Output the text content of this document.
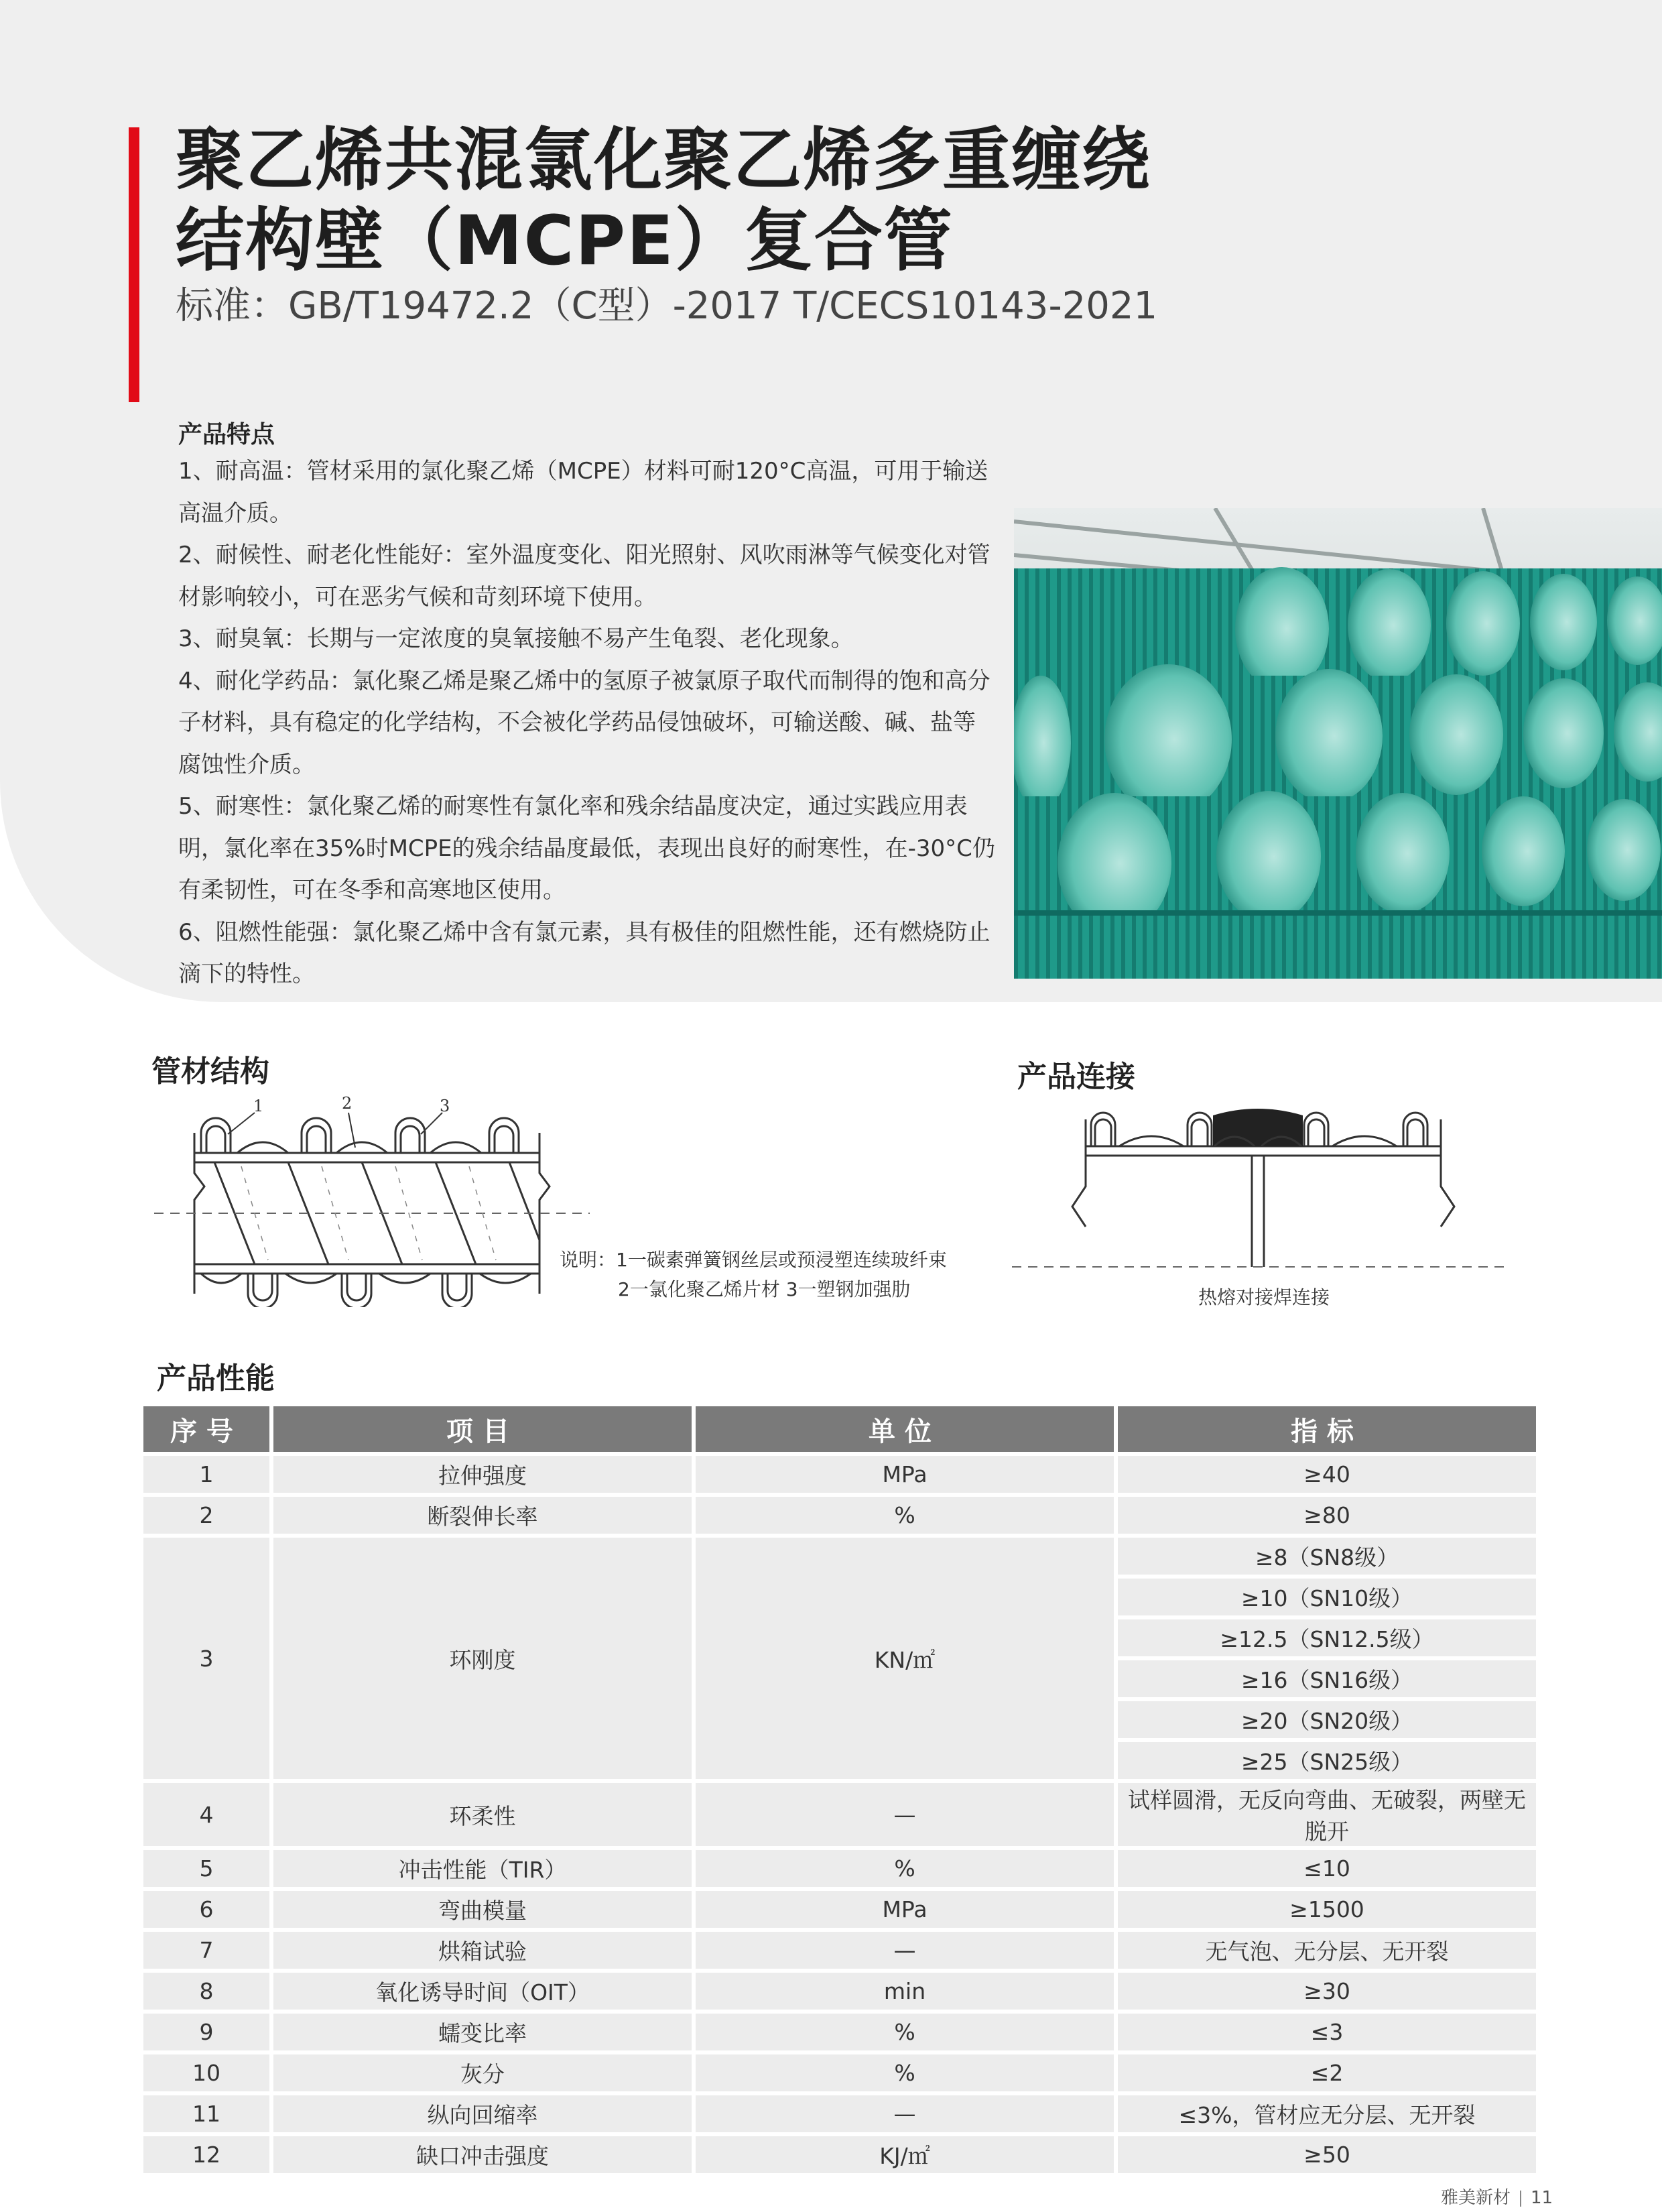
聚乙烯共混氯化聚乙烯多重缠绕
结构壁（MCPE）复合管
标准：GB/T19472.2（C型）-2017 T/CECS10143-2021
产品特点

1、耐高温：管材采用的氯化聚乙烯（MCPE）材料可耐120°C高温，可用于输送高温介质。

2、耐候性、耐老化性能好：室外温度变化、阳光照射、风吹雨淋等气候变化对管材影响较小，可在恶劣气候和苛刻环境下使用。

3、耐臭氧：长期与一定浓度的臭氧接触不易产生龟裂、老化现象。

4、耐化学药品：氯化聚乙烯是聚乙烯中的氢原子被氯原子取代而制得的饱和高分子材料，具有稳定的化学结构，不会被化学药品侵蚀破坏，可输送酸、碱、盐等腐蚀性介质。

5、耐寒性：氯化聚乙烯的耐寒性有氯化率和残余结晶度决定，通过实践应用表明，氯化率在35%时MCPE的残余结晶度最低，表现出良好的耐寒性，在-30°C仍有柔韧性，可在冬季和高寒地区使用。

6、阻燃性能强：氯化聚乙烯中含有氯元素，具有极佳的阻燃性能，还有燃烧防止滴下的特性。

管材结构
1	2	3
说明：1一碳素弹簧钢丝层或预浸塑连续玻纤束
2一氯化聚乙烯片材 3一塑钢加强肋
产品连接
热熔对接焊连接
产品性能
序号	项目	单位	指标
1	拉伸强度	MPa	≥40
2	断裂伸长率	%	≥80
3	环刚度	KN/㎡	≥8（SN8级）
			≥10（SN10级）
			≥12.5（SN12.5级）
			≥16（SN16级）
			≥20（SN20级）
			≥25（SN25级）
4	环柔性	—	试样圆滑，无反向弯曲、无破裂，两壁无脱开
5	冲击性能（TIR）	%	≤10
6	弯曲模量	MPa	≥1500
7	烘箱试验	—	无气泡、无分层、无开裂
8	氧化诱导时间（OIT）	min	≥30
9	蠕变比率	%	≤3
10	灰分	%	≤2
11	纵向回缩率	—	≤3%，管材应无分层、无开裂
12	缺口冲击强度	KJ/㎡	≥50
雅美新材 11
